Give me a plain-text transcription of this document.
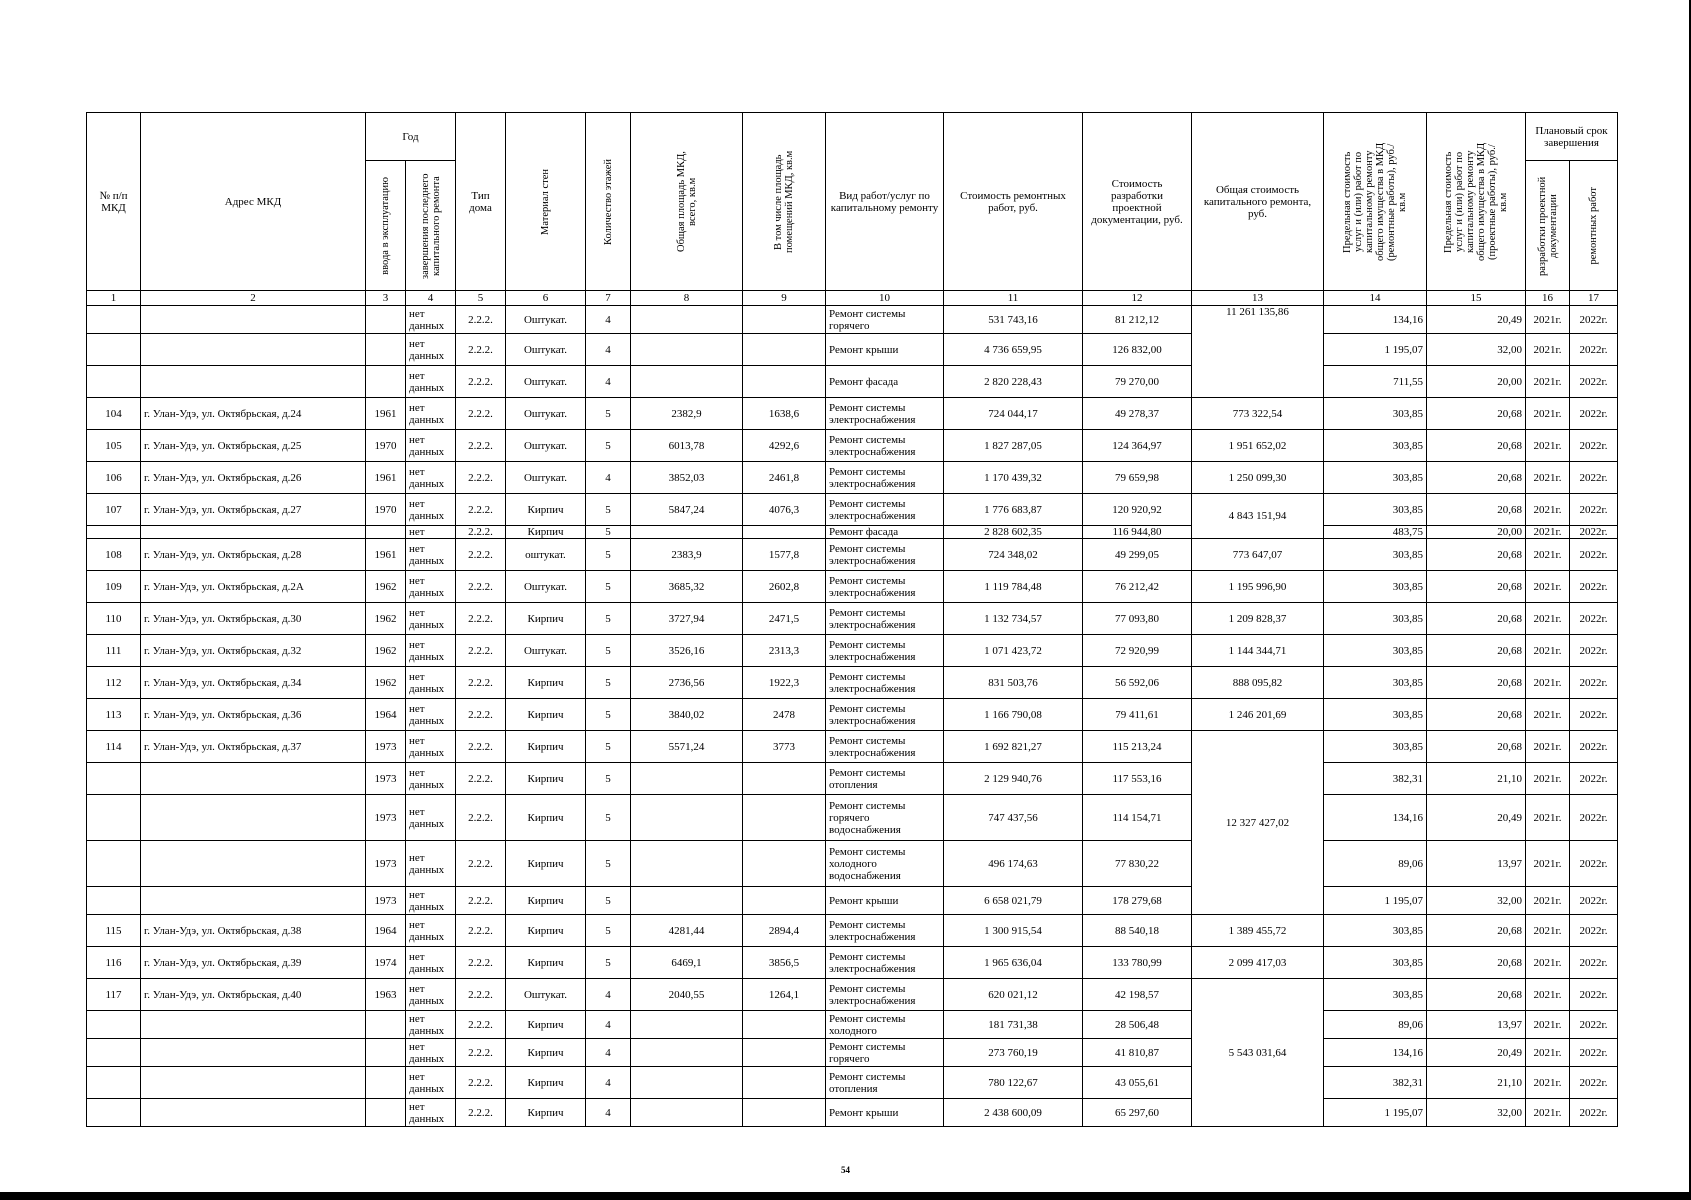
№ п/п МКД	Адрес МКД	Год		Тип дома	Материал стен	Количество этажей	Общая площадь МКД, всего, кв.м	В том числе площадь помещений МКД, кв.м	Вид работ/услуг по капитальному ремонту	Стоимость ремонтных работ, руб.	Стоимость разработки проектной документации, руб.	Общая стоимость капитального ремонта, руб.	Предельная стоимость услуг и (или) работ по капитальному ремонту общего имущества в МКД (ремонтные работы), руб./кв.м	Предельная стоимость услуг и (или) работ по капитальному ремонту общего имущества в МКД (проектные работы), руб./кв.м	Плановый срок завершения	

		ввода в эксплуатацию	завершения последнего капитального ремонта												разработки проектной документации	ремонтных работ

1	2	3	4	5	6	7	8	9	10	11	12	13	14	15	16	17
			нет данных	2.2.2.	Оштукат.	4			Ремонт системы горячего	531 743,16	81 212,12	11 261 135,86	134,16	20,49	2021г.	2022г.
			нет данных	2.2.2.	Оштукат.	4			Ремонт крыши	4 736 659,95	126 832,00		1 195,07	32,00	2021г.	2022г.
			нет данных	2.2.2.	Оштукат.	4			Ремонт фасада	2 820 228,43	79 270,00		711,55	20,00	2021г.	2022г.
104	г. Улан-Удэ, ул. Октябрьская, д.24	1961	нет данных	2.2.2.	Оштукат.	5	2382,9	1638,6	Ремонт системы электроснабжения	724 044,17	49 278,37	773 322,54	303,85	20,68	2021г.	2022г.
105	г. Улан-Удэ, ул. Октябрьская, д.25	1970	нет данных	2.2.2.	Оштукат.	5	6013,78	4292,6	Ремонт системы электроснабжения	1 827 287,05	124 364,97	1 951 652,02	303,85	20,68	2021г.	2022г.
106	г. Улан-Удэ, ул. Октябрьская, д.26	1961	нет данных	2.2.2.	Оштукат.	4	3852,03	2461,8	Ремонт системы электроснабжения	1 170 439,32	79 659,98	1 250 099,30	303,85	20,68	2021г.	2022г.
107	г. Улан-Удэ, ул. Октябрьская, д.27	1970	нет данных	2.2.2.	Кирпич	5	5847,24	4076,3	Ремонт системы электроснабжения	1 776 683,87	120 920,92	4 843 151,94	303,85	20,68	2021г.	2022г.
			нет	2.2.2.	Кирпич	5			Ремонт фасада	2 828 602,35	116 944,80		483,75	20,00	2021г.	2022г.
108	г. Улан-Удэ, ул. Октябрьская, д.28	1961	нет данных	2.2.2.	оштукат.	5	2383,9	1577,8	Ремонт системы электроснабжения	724 348,02	49 299,05	773 647,07	303,85	20,68	2021г.	2022г.
109	г. Улан-Удэ, ул. Октябрьская, д.2А	1962	нет данных	2.2.2.	Оштукат.	5	3685,32	2602,8	Ремонт системы электроснабжения	1 119 784,48	76 212,42	1 195 996,90	303,85	20,68	2021г.	2022г.
110	г. Улан-Удэ, ул. Октябрьская, д.30	1962	нет данных	2.2.2.	Кирпич	5	3727,94	2471,5	Ремонт системы электроснабжения	1 132 734,57	77 093,80	1 209 828,37	303,85	20,68	2021г.	2022г.
111	г. Улан-Удэ, ул. Октябрьская, д.32	1962	нет данных	2.2.2.	Оштукат.	5	3526,16	2313,3	Ремонт системы электроснабжения	1 071 423,72	72 920,99	1 144 344,71	303,85	20,68	2021г.	2022г.
112	г. Улан-Удэ, ул. Октябрьская, д.34	1962	нет данных	2.2.2.	Кирпич	5	2736,56	1922,3	Ремонт системы электроснабжения	831 503,76	56 592,06	888 095,82	303,85	20,68	2021г.	2022г.
113	г. Улан-Удэ, ул. Октябрьская, д.36	1964	нет данных	2.2.2.	Кирпич	5	3840,02	2478	Ремонт системы электроснабжения	1 166 790,08	79 411,61	1 246 201,69	303,85	20,68	2021г.	2022г.
114	г. Улан-Удэ, ул. Октябрьская, д.37	1973	нет данных	2.2.2.	Кирпич	5	5571,24	3773	Ремонт системы электроснабжения	1 692 821,27	115 213,24	12 327 427,02	303,85	20,68	2021г.	2022г.
		1973	нет данных	2.2.2.	Кирпич	5			Ремонт системы отопления	2 129 940,76	117 553,16		382,31	21,10	2021г.	2022г.
		1973	нет данных	2.2.2.	Кирпич	5			Ремонт системы горячего водоснабжения	747 437,56	114 154,71		134,16	20,49	2021г.	2022г.
		1973	нет данных	2.2.2.	Кирпич	5			Ремонт системы холодного водоснабжения	496 174,63	77 830,22		89,06	13,97	2021г.	2022г.
		1973	нет данных	2.2.2.	Кирпич	5			Ремонт крыши	6 658 021,79	178 279,68		1 195,07	32,00	2021г.	2022г.
115	г. Улан-Удэ, ул. Октябрьская, д.38	1964	нет данных	2.2.2.	Кирпич	5	4281,44	2894,4	Ремонт системы электроснабжения	1 300 915,54	88 540,18	1 389 455,72	303,85	20,68	2021г.	2022г.
116	г. Улан-Удэ, ул. Октябрьская, д.39	1974	нет данных	2.2.2.	Кирпич	5	6469,1	3856,5	Ремонт системы электроснабжения	1 965 636,04	133 780,99	2 099 417,03	303,85	20,68	2021г.	2022г.
117	г. Улан-Удэ, ул. Октябрьская, д.40	1963	нет данных	2.2.2.	Оштукат.	4	2040,55	1264,1	Ремонт системы электроснабжения	620 021,12	42 198,57	5 543 031,64	303,85	20,68	2021г.	2022г.
			нет данных	2.2.2.	Кирпич	4			Ремонт системы холодного	181 731,38	28 506,48		89,06	13,97	2021г.	2022г.
			нет данных	2.2.2.	Кирпич	4			Ремонт системы горячего	273 760,19	41 810,87		134,16	20,49	2021г.	2022г.
			нет данных	2.2.2.	Кирпич	4			Ремонт системы отопления	780 122,67	43 055,61		382,31	21,10	2021г.	2022г.
			нет данных	2.2.2.	Кирпич	4			Ремонт крыши	2 438 600,09	65 297,60		1 195,07	32,00	2021г.	2022г.
54
